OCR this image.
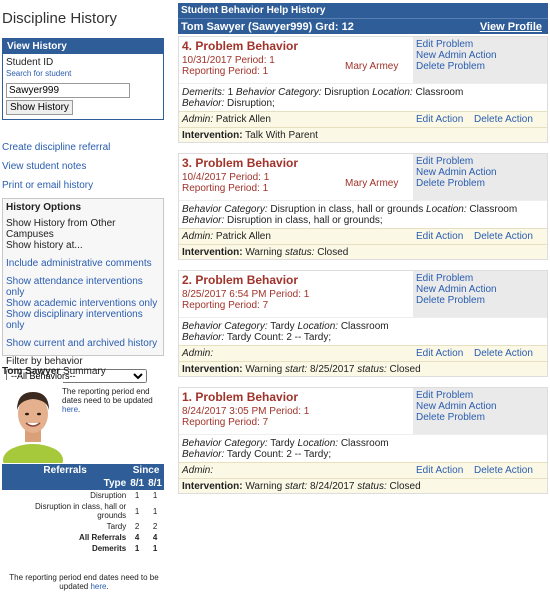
Discipline History
View History
Student ID
Search for student
Sawyer999
Show History
Create discipline referral
View student notes
Print or email history
History Options
Show History from Other Campuses
Show history at...
Include administrative comments
Show attendance interventions only
Show academic interventions only
Show disciplinary interventions only
Show current and archived history
Filter by behavior
--All Behaviors--
Tom Sawyer Summary
The reporting period end dates need to be updated here.
Referrals	Since	
Type	8/1	8/1
Disruption	1	1
Disruption in class, hall or grounds	1	1
Tardy	2	2
All Referrals	4	4
Demerits	1	1
The reporting period end dates need to be updated here.
Student Behavior Help History
Tom Sawyer (Sawyer999) Grd: 12	View Profile
4. Problem Behavior
10/31/2017 Period: 1
Reporting Period: 1	Mary Armey
Edit Problem
New Admin Action
Delete Problem
Demerits: 1 Behavior Category: Disruption Location: Classroom
Behavior: Disruption;
Admin: Patrick Allen	Edit Action Delete Action
Intervention: Talk With Parent
3. Problem Behavior
10/4/2017 Period: 1
Reporting Period: 1	Mary Armey
Edit Problem
New Admin Action
Delete Problem
Behavior Category: Disruption in class, hall or grounds Location: Classroom
Behavior: Disruption in class, hall or grounds;
Admin: Patrick Allen	Edit Action Delete Action
Intervention: Warning status: Closed
2. Problem Behavior
8/25/2017 6:54 PM Period: 1
Reporting Period: 7
Edit Problem
New Admin Action
Delete Problem
Behavior Category: Tardy Location: Classroom
Behavior: Tardy Count: 2 -- Tardy;
Admin:	Edit Action Delete Action
Intervention: Warning start: 8/25/2017 status: Closed
1. Problem Behavior
8/24/2017 3:05 PM Period: 1
Reporting Period: 7
Edit Problem
New Admin Action
Delete Problem
Behavior Category: Tardy Location: Classroom
Behavior: Tardy Count: 2 -- Tardy;
Admin:	Edit Action Delete Action
Intervention: Warning start: 8/24/2017 status: Closed
